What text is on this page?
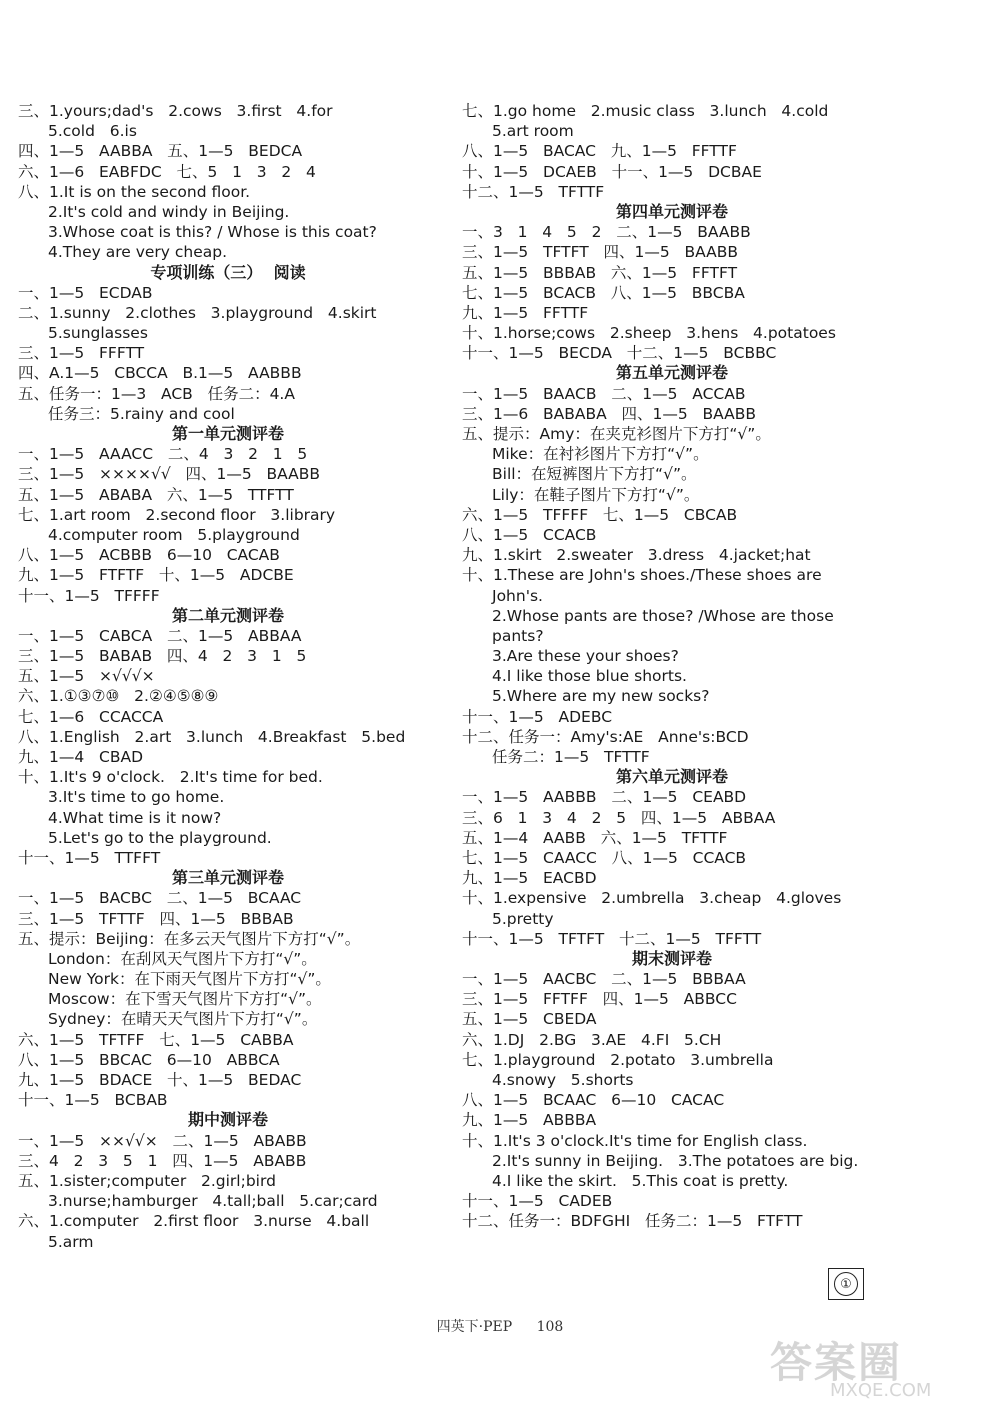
三、1.yours;dad's   2.cows   3.first   4.for
5.cold   6.is
四、1—5   AABBA   五、1—5   BEDCA
六、1—6   EABFDC   七、5   1   3   2   4
八、1.It is on the second floor.
2.It's cold and windy in Beijing.
3.Whose coat is this? / Whose is this coat?
4.They are very cheap.
专项训练（三）  阅读
一、1—5   ECDAB
二、1.sunny   2.clothes   3.playground   4.skirt
5.sunglasses
三、1—5   FFFTT
四、A.1—5   CBCCA   B.1—5   AABBB
五、任务一：1—3   ACB   任务二：4.A
任务三：5.rainy and cool
第一单元测评卷
一、1—5   AAACC   二、4   3   2   1   5
三、1—5   ××××√√   四、1—5   BAABB
五、1—5   ABABA   六、1—5   TTFTT
七、1.art room   2.second floor   3.library
4.computer room   5.playground
八、1—5   ACBBB   6—10   CACAB
九、1—5   FTFTF   十、1—5   ADCBE
十一、1—5   TFFFF
第二单元测评卷
一、1—5   CABCA   二、1—5   ABBAA
三、1—5   BABAB   四、4   2   3   1   5
五、1—5   ×√√√×
六、1.①③⑦⑩   2.②④⑤⑧⑨
七、1—6   CCACCA
八、1.English   2.art   3.lunch   4.Breakfast   5.bed
九、1—4   CBAD
十、1.It's 9 o'clock.   2.It's time for bed.
3.It's time to go home.
4.What time is it now?
5.Let's go to the playground.
十一、1—5   TTFFT
第三单元测评卷
一、1—5   BACBC   二、1—5   BCAAC
三、1—5   TFTTF   四、1—5   BBBAB
五、提示：Beijing：在多云天气图片下方打“√”。
London：在刮风天气图片下方打“√”。
New York：在下雨天气图片下方打“√”。
Moscow：在下雪天气图片下方打“√”。
Sydney：在晴天天气图片下方打“√”。
六、1—5   TFTFF   七、1—5   CABBA
八、1—5   BBCAC   6—10   ABBCA
九、1—5   BDACE   十、1—5   BEDAC
十一、1—5   BCBAB
期中测评卷
一、1—5   ××√√×   二、1—5   ABABB
三、4   2   3   5   1   四、1—5   ABABB
五、1.sister;computer   2.girl;bird
3.nurse;hamburger   4.tall;ball   5.car;card
六、1.computer   2.first floor   3.nurse   4.ball
5.arm
七、1.go home   2.music class   3.lunch   4.cold
5.art room
八、1—5   BACAC   九、1—5   FFTTF
十、1—5   DCAEB   十一、1—5   DCBAE
十二、1—5   TFTTF
第四单元测评卷
一、3   1   4   5   2   二、1—5   BAABB
三、1—5   TFTFT   四、1—5   BAABB
五、1—5   BBBAB   六、1—5   FFTFT
七、1—5   BCACB   八、1—5   BBCBA
九、1—5   FFTTF
十、1.horse;cows   2.sheep   3.hens   4.potatoes
十一、1—5   BECDA   十二、1—5   BCBBC
第五单元测评卷
一、1—5   BAACB   二、1—5   ACCAB
三、1—6   BABABA   四、1—5   BAABB
五、提示：Amy：在夹克衫图片下方打“√”。
Mike：在衬衫图片下方打“√”。
Bill：在短裤图片下方打“√”。
Lily：在鞋子图片下方打“√”。
六、1—5   TFFFF   七、1—5   CBCAB
八、1—5   CCACB
九、1.skirt   2.sweater   3.dress   4.jacket;hat
十、1.These are John's shoes./These shoes are
John's.
2.Whose pants are those? /Whose are those
pants?
3.Are these your shoes?
4.I like those blue shorts.
5.Where are my new socks?
十一、1—5   ADEBC
十二、任务一：Amy's:AE   Anne's:BCD
任务二：1—5   TFTTF
第六单元测评卷
一、1—5   AABBB   二、1—5   CEABD
三、6   1   3   4   2   5   四、1—5   ABBAA
五、1—4   AABB   六、1—5   TFTTF
七、1—5   CAACC   八、1—5   CCACB
九、1—5   EACBD
十、1.expensive   2.umbrella   3.cheap   4.gloves
5.pretty
十一、1—5   TFTFT   十二、1—5   TFFTT
期末测评卷
一、1—5   AACBC   二、1—5   BBBAA
三、1—5   FFTFF   四、1—5   ABBCC
五、1—5   CBEDA
六、1.DJ   2.BG   3.AE   4.FI   5.CH
七、1.playground   2.potato   3.umbrella
4.snowy   5.shorts
八、1—5   BCAAC   6—10   CACAC
九、1—5   ABBBA
十、1.It's 3 o'clock.It's time for English class.
2.It's sunny in Beijing.   3.The potatoes are big.
4.I like the skirt.   5.This coat is pretty.
十一、1—5   CADEB
十二、任务一：BDFGHI   任务二：1—5   FTFTT
①
四英下·PEP 108
答案圈
MXQE.COM
